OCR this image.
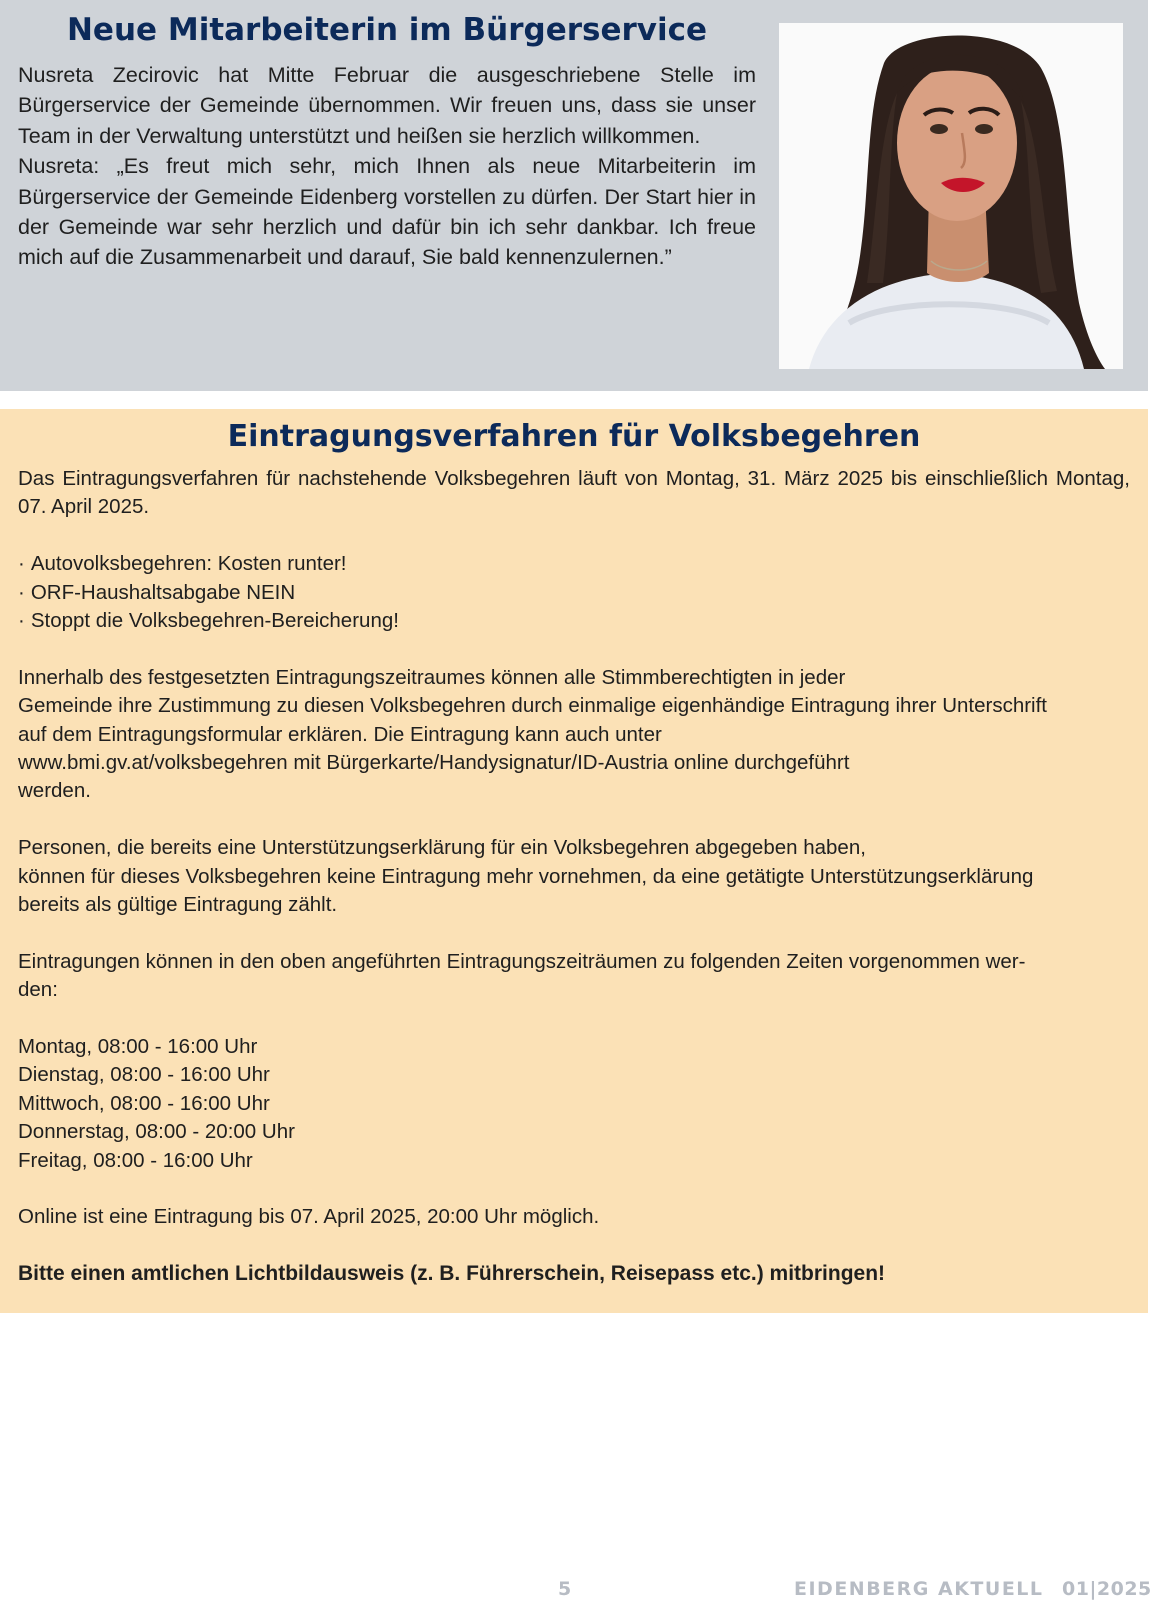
Neue Mitarbeiterin im Bürgerservice

Nusreta Zecirovic hat Mitte Februar die ausgeschriebene Stelle im Bürgerservice der Gemeinde übernommen. Wir freuen uns, dass sie unser Team in der Verwaltung unterstützt und heißen sie herzlich willkommen.

Nusreta: „Es freut mich sehr, mich Ihnen als neue Mitarbeiterin im Bürgerservice der Gemeinde Eidenberg vorstellen zu dürfen. Der Start hier in der Gemeinde war sehr herzlich und dafür bin ich sehr dankbar. Ich freue mich auf die Zusammenarbeit und darauf, Sie bald kennenzulernen.”

Eintragungsverfahren für Volksbegehren

Das Eintragungsverfahren für nachstehende Volksbegehren läuft von Montag, 31. März 2025 bis einschließlich Montag, 07. April 2025.

· Autovolksbegehren: Kosten runter!
· ORF-Haushaltsabgabe NEIN
· Stoppt die Volksbegehren-Bereicherung!
Innerhalb des festgesetzten Eintragungszeitraumes können alle Stimmberechtigten in jeder
Gemeinde ihre Zustimmung zu diesen Volksbegehren durch einmalige eigenhändige Eintragung ihrer Unterschrift
auf dem Eintragungsformular erklären. Die Eintragung kann auch unter
www.bmi.gv.at/volksbegehren mit Bürgerkarte/Handysignatur/ID-Austria online durchgeführt
werden.
Personen, die bereits eine Unterstützungserklärung für ein Volksbegehren abgegeben haben,
können für dieses Volksbegehren keine Eintragung mehr vornehmen, da eine getätigte Unterstützungserklärung
bereits als gültige Eintragung zählt.
Eintragungen können in den oben angeführten Eintragungszeiträumen zu folgenden Zeiten vorgenommen wer-
den:
Montag, 08:00 - 16:00 Uhr
Dienstag, 08:00 - 16:00 Uhr
Mittwoch, 08:00 - 16:00 Uhr
Donnerstag, 08:00 - 20:00 Uhr
Freitag, 08:00 - 16:00 Uhr

Online ist eine Eintragung bis 07. April 2025, 20:00 Uhr möglich.

Bitte einen amtlichen Lichtbildausweis (z. B. Führerschein, Reisepass etc.) mitbringen!

5	EIDENBERG AKTUELL 01|2025
